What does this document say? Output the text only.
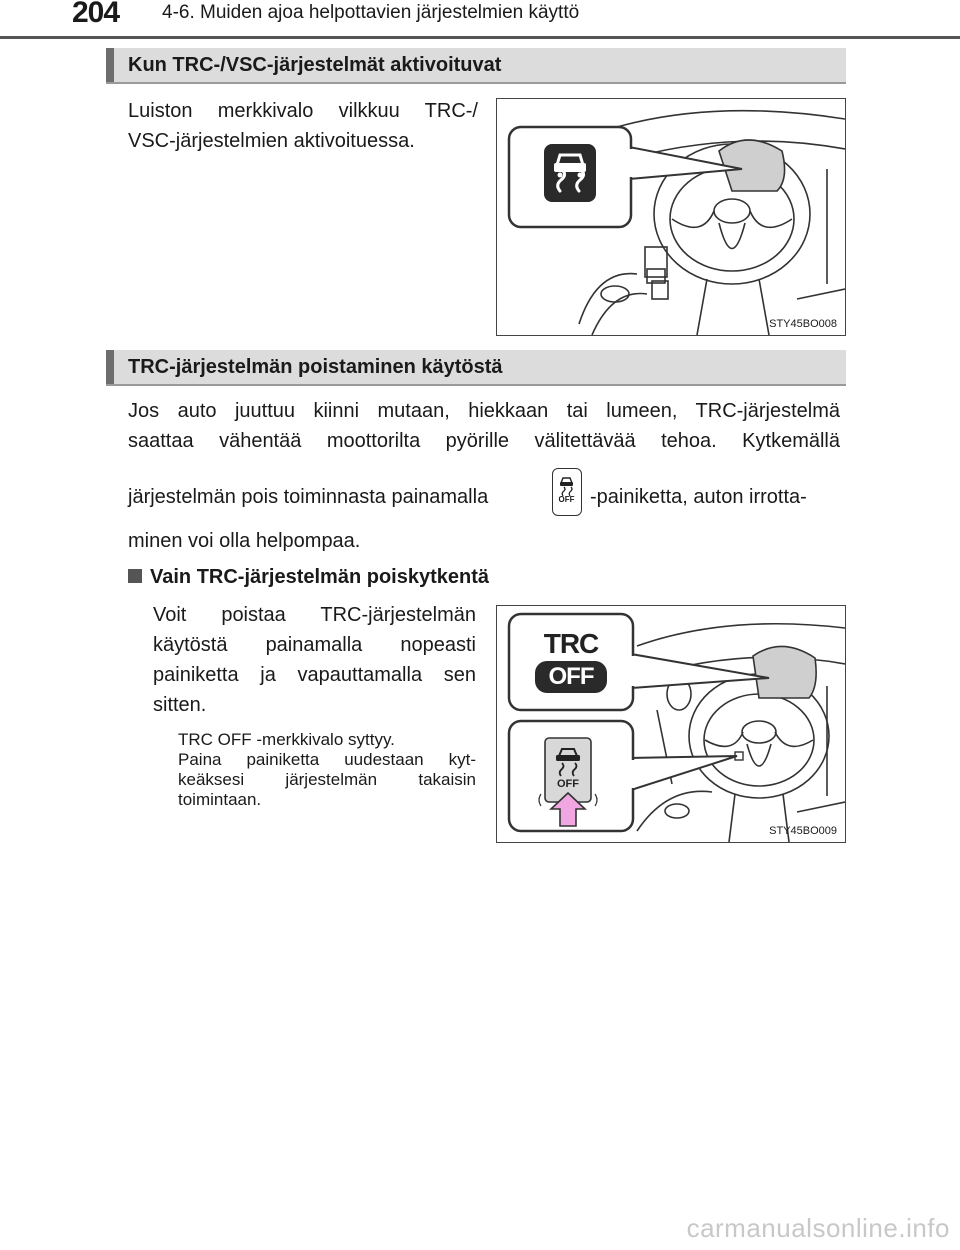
204 4-6. Muiden ajoa helpottavien järjestelmien käyttö
Kun TRC-/VSC-järjestelmät aktivoituvat
Luiston merkkivalo vilkkuu TRC-/
VSC-järjestelmien aktivoituessa.
STY45BO008
TRC-järjestelmän poistaminen käytöstä
Jos auto juuttuu kiinni mutaan, hiekkaan tai lumeen, TRC-järjestelmä
saattaa vähentää moottorilta pyörille välitettävää tehoa. Kytkemällä
järjestelmän pois toiminnasta painamalla	OFF -painiketta, auton irrotta-
minen voi olla helpompaa.
Vain TRC-järjestelmän poiskytkentä
Voit poistaa TRC-järjestelmän
käytöstä painamalla nopeasti
painiketta ja vapauttamalla sen
sitten.
TRC OFF -merkkivalo syttyy.
Paina painiketta uudestaan kyt-
keäksesi järjestelmän takaisin
toimintaan.
TRC
OFF
OFF
STY45BO009
carmanualsonline.info
